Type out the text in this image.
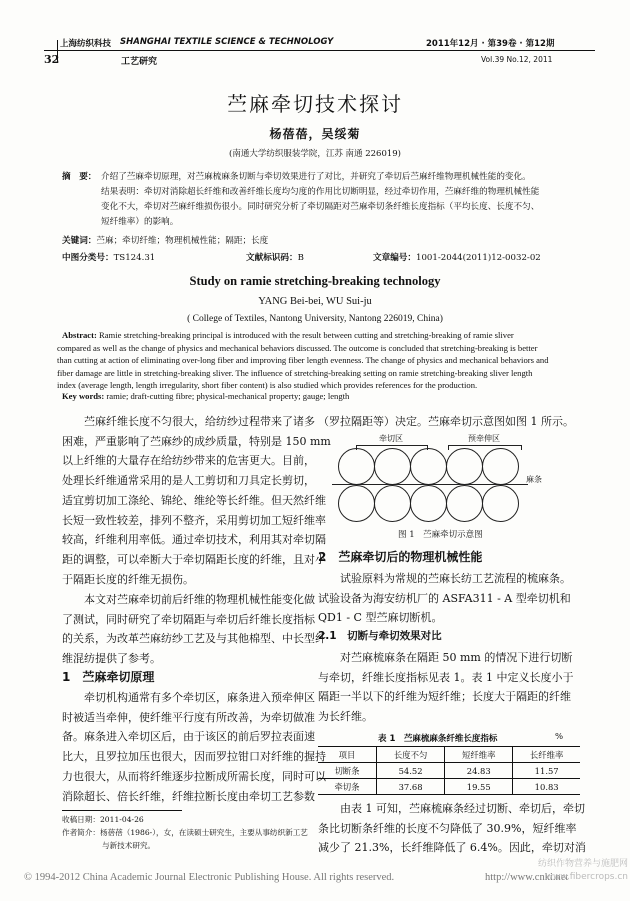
上海纺织科技 SHANGHAI TEXTILE SCIENCE & TECHNOLOGY	2011年12月 · 第39卷 · 第12期
32	工艺研究	Vol.39 No.12, 2011
苎麻牵切技术探讨
杨蓓蓓，吴绥菊
(南通大学纺织服装学院，江苏 南通 226019)
摘　要： 介绍了苎麻牵切原理，对苎麻梳麻条切断与牵切效果进行了对比，并研究了牵切后苎麻纤维物理机械性能的变化。
结果表明：牵切对消除超长纤维和改善纤维长度均匀度的作用比切断明显，经过牵切作用，苎麻纤维的物理机械性能
变化不大，牵切对苎麻纤维损伤很小。同时研究分析了牵切隔距对苎麻牵切条纤维长度指标（平均长度、长度不匀、
短纤维率）的影响。
关键词：苎麻；牵切纤维；物理机械性能；隔距；长度
中图分类号：TS124.31	文献标识码：B	文章编号：1001-2044(2011)12-0032-02
Study on ramie stretching-breaking technology
YANG Bei-bei, WU Sui-ju
( College of Textiles, Nantong University, Nantong 226019, China)
Abstract: Ramie stretching-breaking principal is introduced with the result between cutting and stretching-breaking of ramie sliver
compared as well as the change of physics and mechanical behaviors discussed. The outcome is concluded that stretching-breaking is better
than cutting at action of eliminating over-long fiber and improving fiber length evenness. The change of physics and mechanical behaviors and
fiber damage are little in stretching-breaking sliver. The influence of stretching-breaking setting on ramie stretching-breaking sliver length
index (average length, length irregularity, short fiber content) is also studied which provides references for the production.
Key words: ramie; draft-cutting fibre; physical-mechanical property; gauge; length
苎麻纤维长度不匀很大，给纺纱过程带来了诸多
困难，严重影响了苎麻纱的成纱质量，特别是 150 mm
以上纤维的大量存在给纺纱带来的危害更大。目前，
处理长纤维通常采用的是人工剪切和刀具定长剪切，
适宜剪切加工涤纶、锦纶、维纶等长纤维。但天然纤维
长短一致性较差，排列不整齐，采用剪切加工短纤维率
较高，纤维利用率低。通过牵切技术，利用其对牵切隔
距的调整，可以牵断大于牵切隔距长度的纤维，且对小
于隔距长度的纤维无损伤。
本文对苎麻牵切前后纤维的物理机械性能变化做
了测试，同时研究了牵切隔距与牵切后纤维长度指标
的关系，为改革苎麻纺纱工艺及与其他棉型、中长型纤
维混纺提供了参考。
1　苎麻牵切原理
牵切机构通常有多个牵切区，麻条进入预牵伸区
时被适当牵伸，使纤维平行度有所改善，为牵切做准
备。麻条进入牵切区后，由于该区的前后罗拉表面速
比大，且罗拉加压也很大，因而罗拉钳口对纤维的握持
力也很大，从而将纤维逐步拉断成所需长度，同时可以
消除超长、倍长纤维，纤维拉断长度由牵切工艺参数
收稿日期：2011-04-26
作者简介：杨蓓蓓（1986-），女，在读硕士研究生，主要从事纺织新工艺
与新技术研究。
（罗拉隔距等）决定。苎麻牵切示意图如图 1 所示。
牵切区	预牵伸区
麻条
图 1　苎麻牵切示意图
2　苎麻牵切后的物理机械性能
试验原料为常规的苎麻长纺工艺流程的梳麻条。
试验设备为海安纺机厂的 ASFA311 - A 型牵切机和
QD1 - C 型苎麻切断机。
2.1　切断与牵切效果对比
对苎麻梳麻条在隔距 50 mm 的情况下进行切断
与牵切，纤维长度指标见表 1。表 1 中定义长度小于
隔距一半以下的纤维为短纤维；长度大于隔距的纤维
为长纤维。
表 1　苎麻梳麻条纤维长度指标	%
项目	长度不匀	短纤维率	长纤维率
切断条	54.52	24.83	11.57
牵切条	37.68	19.55	10.83
由表 1 可知，苎麻梳麻条经过切断、牵切后，牵切
条比切断条纤维的长度不匀降低了 30.9%，短纤维率
减少了 21.3%，长纤维降低了 6.4%。因此，牵切对消
© 1994-2012 China Academic Journal Electronic Publishing House. All rights reserved.	http://www.cnki.net
纺织作物营养与施肥网 www.fibercrops.cn
